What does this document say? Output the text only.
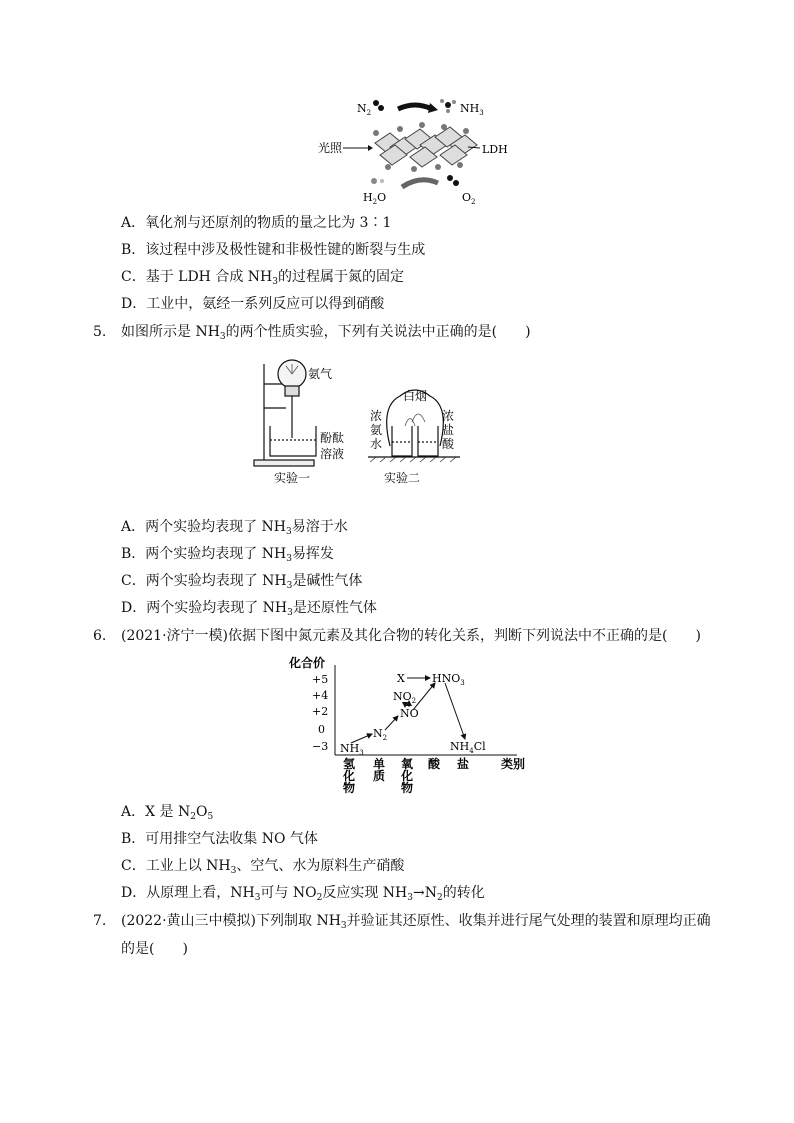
$N_2$	$NH_3$
光照	LDH
$H_2O$	$O_2$
A．氧化剂与还原剂的物质的量之比为 3∶1
B．该过程中涉及极性键和非极性键的断裂与生成
C．基于 LDH 合成 $NH_3$的过程属于氮的固定
D．工业中，氨经一系列反应可以得到硝酸
5. 如图所示是 $NH_3$的两个性质实验，下列有关说法中正确的是(　　)
氨气
酚酞
溶液
实验一
白烟
浓
氨
水
浓
盐
酸
实验二
A．两个实验均表现了 $NH_3$易溶于水
B．两个实验均表现了 $NH_3$易挥发
C．两个实验均表现了 $NH_3$是碱性气体
D．两个实验均表现了 $NH_3$是还原性气体
6. (2021·济宁一模)依据下图中氮元素及其化合物的转化关系，判断下列说法中不正确的是(　　)
化合价
+5
+4
+2
0
−3
X $HNO_3$
$NO_2$
NO
$N_2$
$NH_3$	$NH_4Cl$
氢
化
物
单
质
氧
化
物
酸 盐	类别
A．X 是 $N_2O_5$
B．可用排空气法收集 NO 气体
C．工业上以 $NH_3$、空气、水为原料生产硝酸
D．从原理上看，$NH_3$可与 $NO_2$反应实现 $NH_3\to N_2$的转化
7. (2022·黄山三中模拟)下列制取 $NH_3$并验证其还原性、收集并进行尾气处理的装置和原理均正确
的是(　　)
